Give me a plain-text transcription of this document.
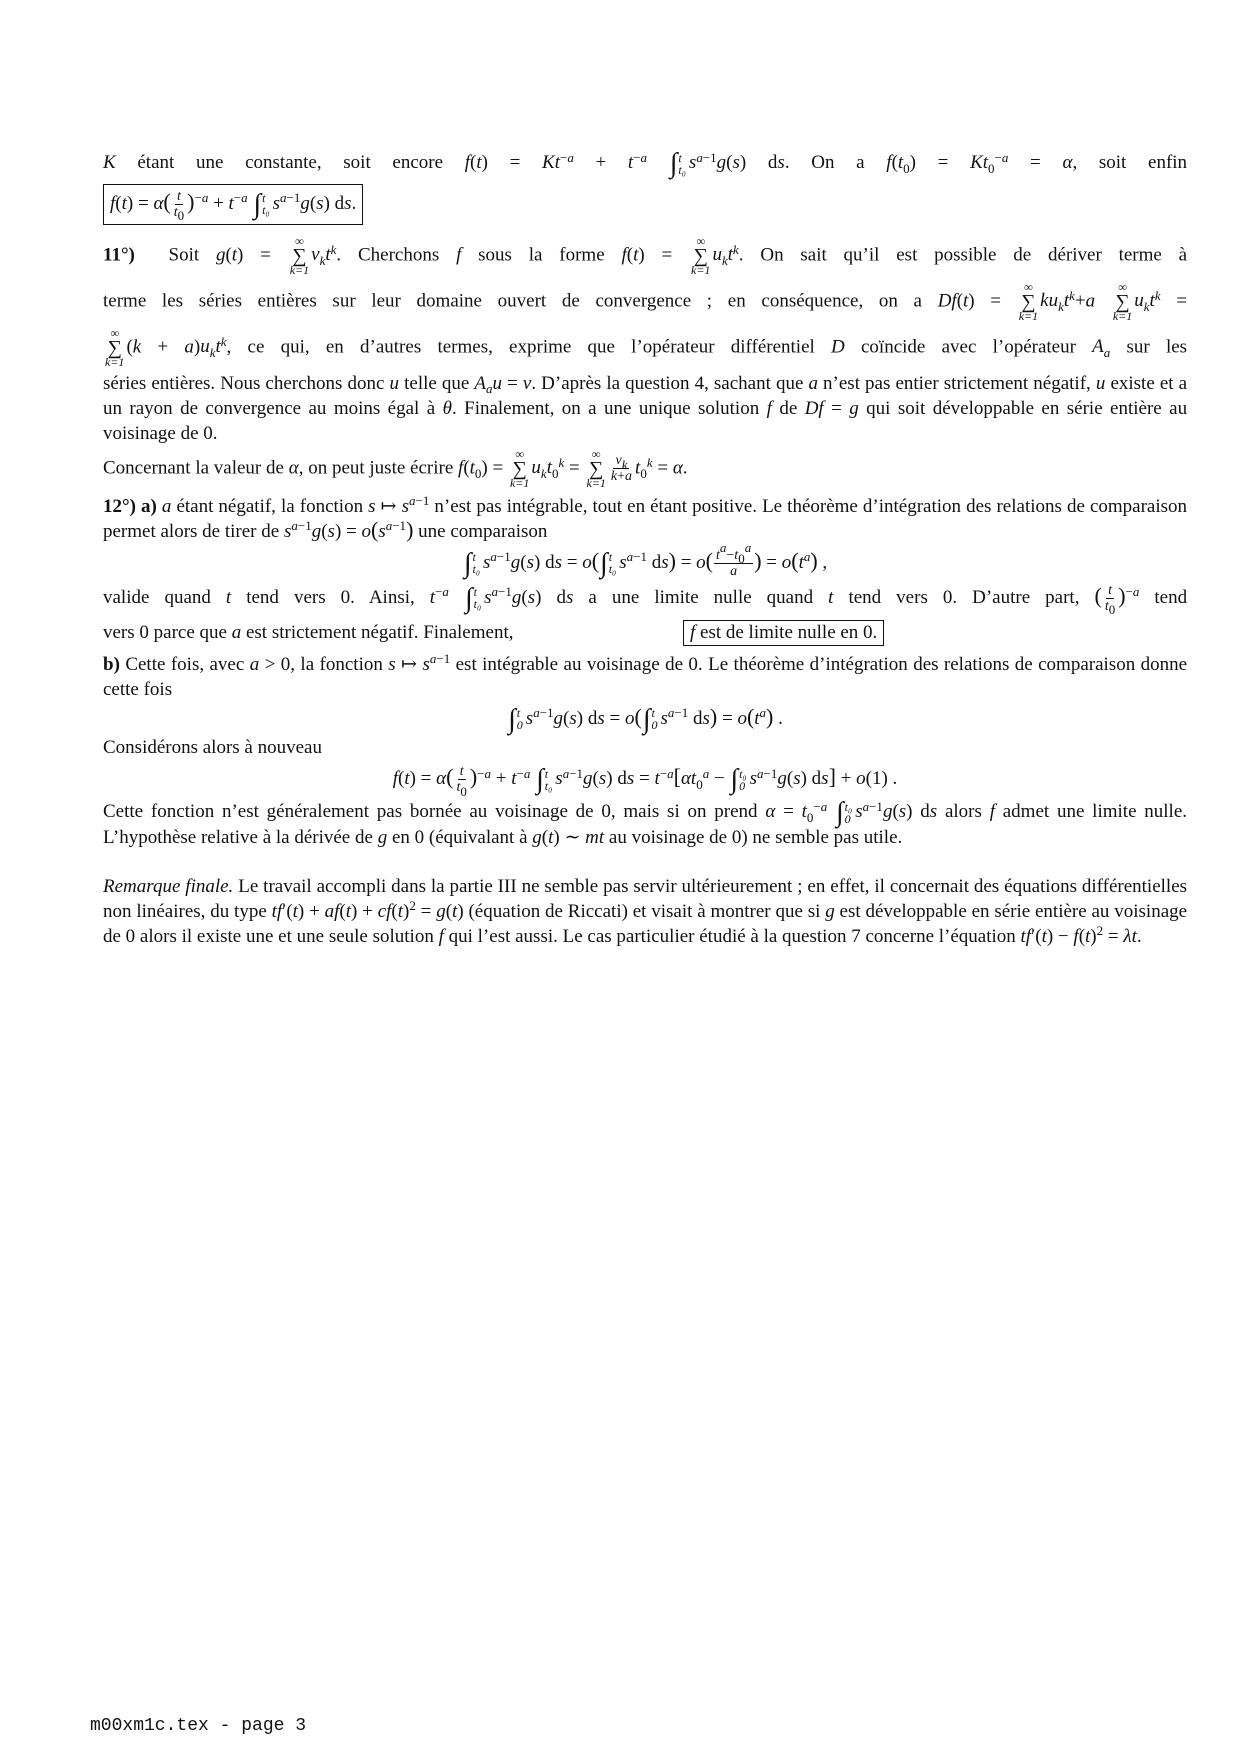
K étant une constante, soit encore $f(t) = Kt^{-a} + t^{-a}$ ∫t
t₀ $s^{a-1}g(s)$ ds. On a $f(t_0) = Kt_0^{-a} = \alpha$, soit enfin

$f(t) = \alpha( \frac{t}{t_0} )^{-a} + t^{-a}$ ∫t
t₀ $s^{a-1}g(s)$ ds.

11°) Soit g(t) =
∞
∑
k=1
$v_kt^k$. Cherchons f sous la forme f(t) =
∞
∑
k=1
$u_kt^k$. On sait qu’il est possible de dériver terme à

terme les séries entières sur leur domaine ouvert de convergence ; en conséquence, on a Df(t) =
∞
∑
k=1
$ku_kt^k+a$
∞
∑
k=1
$u_kt^k$ =

∞
∑
k=1
$(k + a)u_kt^k$, ce qui, en d’autres termes, exprime que l’opérateur différentiel D coïncide avec l’opérateur $A_a$ sur les

séries entières. Nous cherchons donc u telle que $A_au = v$. D’après la question 4, sachant que a n’est pas entier strictement négatif, u existe et a un rayon de convergence au moins égal à θ. Finalement, on a une unique solution f de Df = g qui soit développable en série entière au voisinage de 0.

Concernant la valeur de α, on peut juste écrire $f(t_0)$ =
∞
∑
k=1
$u_kt_0^k$ =
∞
∑
$k=1 \frac{v_k}{k+a} t_0^k = \alpha$.

12°) a) a étant négatif, la fonction s ↦ $s^{a-1}$ n’est pas intégrable, tout en étant positive. Le théorème d’intégration des relations de comparaison permet alors de tirer de $s^{a-1}g(s) = o(s^{a-1})$ une comparaison

∫t
t₀ $s^{a-1}g(s)$ ds = o(∫t
t₀ $s^{a-1}$ $ds) = o( \frac{t^a-t_0^a}{a}$ ) = $o(t^a)$ ,

valide quand t tend vers 0. Ainsi, $t^{-a}$ ∫t
t₀ $s^{a-1}g(s)$ ds a une limite nulle quand t tend vers 0. D’autre part, ( $\frac{t}{t_0} )^{-a}$ tend

vers 0 parce que a est strictement négatif. Finalement,	f est de limite nulle en 0.

b) Cette fois, avec a > 0, la fonction s ↦ $s^{a-1}$ est intégrable au voisinage de 0. Le théorème d’intégration des relations de comparaison donne cette fois

∫t
0 $s^{a-1}g(s)$ ds = o(∫t
0 $s^{a-1}$ $ds) = o(t^a)$ .

Considérons alors à nouveau

$f(t) = \alpha( \frac{t}{t_0} )^{-a} + t^{-a}$ ∫t
t₀ $s^{a-1}g(s)$ ds = $t^{-a}[\alpha t_0^a - \int t_0$
0 $s^{a-1}g(s) ds] + o(1)$ .

Cette fonction n’est généralement pas bornée au voisinage de 0, mais si on prend $\alpha = t_0^{-a}$ ∫t₀
0 $s^{a-1}g(s)$ ds alors f admet une limite nulle. L’hypothèse relative à la dérivée de g en 0 (équivalant à g(t) ∼ mt au voisinage de 0) ne semble pas utile.

Remarque finale. Le travail accompli dans la partie III ne semble pas servir ultérieurement ; en effet, il concernait des équations différentielles non linéaires, du type $tf'(t) + af(t) + cf(t)^2 = g(t)$ (équation de Riccati) et visait à montrer que si g est développable en série entière au voisinage de 0 alors il existe une et une seule solution f qui l’est aussi. Le cas particulier étudié à la question 7 concerne l’équation $tf'(t) - f(t)^2 = \lambda t$.

m00xm1c.tex - page 3
